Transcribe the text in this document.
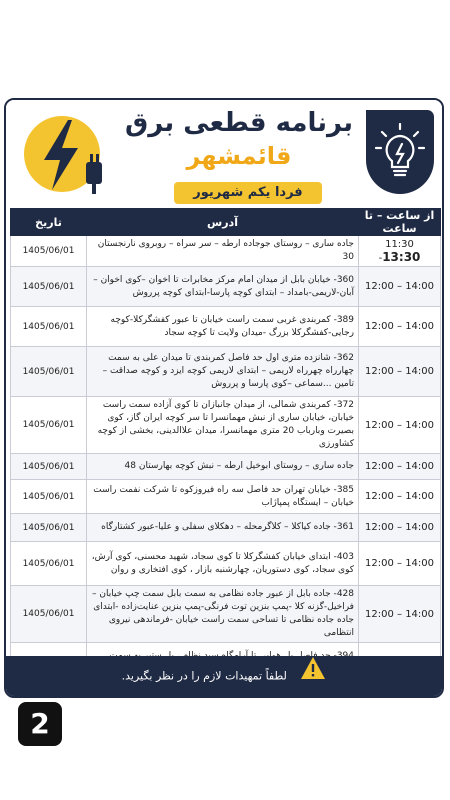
برنامه قطعی برق
قائمشهر
فردا یکم شهریور
از ساعت – تا ساعت	آدرس	تاریخ
11:30 -13:30	جاده ساری – روستای جوجاده ارطه – سر سراه – روبروی نارنجستان 30	1405/06/01
12:00 – 14:00	360- خیابان بابل از میدان امام مرکز مخابرات تا اخوان –کوی اخوان –آبان-لاریمی-بامداد – ابتدای کوچه پارسا-ابتدای کوچه پرروش	1405/06/01
12:00 – 14:00	389- کمربندی غربی سمت راست خیابان تا عبور کفشگرکلا-کوچه رجایی-کفشگرکلا بزرگ -میدان ولایت تا کوچه سجاد	1405/06/01
12:00 – 14:00	362- شانزده متری اول حد فاصل کمربندی تا میدان علی به سمت چهارراه چهرراه لاریمی – ابتدای لاریمی کوچه ایزد و کوچه صداقت –تامین ...سماعی –کوی پارسا و پرروش	1405/06/01
12:00 – 14:00	372- کمربندی شمالی، از میدان جانبازان تا کوی آزاده سمت راست خیابان، خیابان ساری از نبش مهمانسرا تا سر کوچه ایران گاز، کوی بصیرت وبارباب 20 متری مهمانسرا، میدان علاالدینی، بخشی از کوچه کشاورزی	1405/06/01
12:00 – 14:00	جاده ساری – روستای ابوخیل ارطه – نبش کوچه بهارستان 48	1405/06/01
12:00 – 14:00	385- خیابان تهران حد فاصل سه راه فیروزکوه تا شرکت نفمت راست خیابان – ایستگاه پمپاژاب	1405/06/01
12:00 – 14:00	361- جاده کیاکلا – کلاگرمحله – دهکلای سفلی و علیا-عبور کشتارگاه	1405/06/01
12:00 – 14:00	403- ابتدای خیابان کفشگرکلا تا کوی سجاد، شهید محسنی، کوی آرش، کوی سجاد، کوی دستوریان، چهارشنبه بازار ، کوی افتخاری و روان	1405/06/01
12:00 – 14:00	428- جاده بابل از عبور جاده نظامی به سمت بابل سمت چپ خیابان – فراخیل-گزنه کلا -پمپ بنزین توت فرنگی-پمپ بنزین عنایت‌زاده -ابتدای جاده جاده نظامی تا تساحی سمت راست خیابان -فرماندهی نیروی انتظامی	1405/06/01

لطفاً تمهیدات لازم را در نظر بگیرید.
2
